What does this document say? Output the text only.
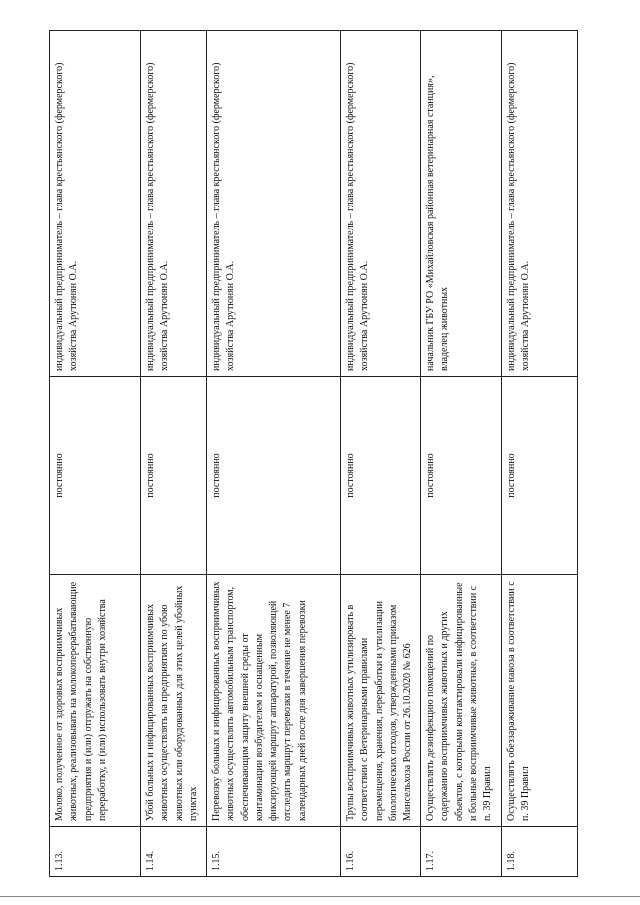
1.13.	Молоко, полученное от здоровых восприимчивых животных, реализовывать на молокоперерабатывающие предприятия и (или) отгружать на собственную переработку, и (или) использовать внутри хозяйства	постоянно	индивидуальный предприниматель – глава крестьянского (фермерского) хозяйства Арутюнян О.А.
1.14.	Убой больных и инфицированных восприимчивых животных осуществлять на предприятиях по убою животных или оборудованных для этих целей убойных пунктах	постоянно	индивидуальный предприниматель – глава крестьянского (фермерского) хозяйства Арутюнян О.А.
1.15.	Перевозку больных и инфицированных восприимчивых животных осуществлять автомобильным транспортом, обеспечивающим защиту внешней среды от контаминации возбудителем и оснащенным фиксирующей маршрут аппаратурой, позволяющей отследить маршрут перевозки в течение не менее 7 календарных дней после дня завершения перевозки	постоянно	индивидуальный предприниматель – глава крестьянского (фермерского) хозяйства Арутюнян О.А.
1.16.	Трупы восприимчивых животных утилизировать в соответствии с Ветеринарными правилами перемещения, хранения, переработки и утилизации биологических отходов, утвержденными приказом Минсельхоза России от 26.10.2020 № 626	постоянно	индивидуальный предприниматель – глава крестьянского (фермерского) хозяйства Арутюнян О.А.
1.17.	Осуществлять дезинфекцию помещений по содержанию восприимчивых животных и других объектов, с которыми контактировали инфицированные и больные восприимчивые животные, в соответствии с п. 39 Правил	постоянно	начальник ГБУ РО «Михайловская районная ветеринарная станция», владелец животных
1.18.	Осуществлять обеззараживание навоза в соответствии с п. 39 Правил	постоянно	индивидуальный предприниматель – глава крестьянского (фермерского) хозяйства Арутюнян О.А.
